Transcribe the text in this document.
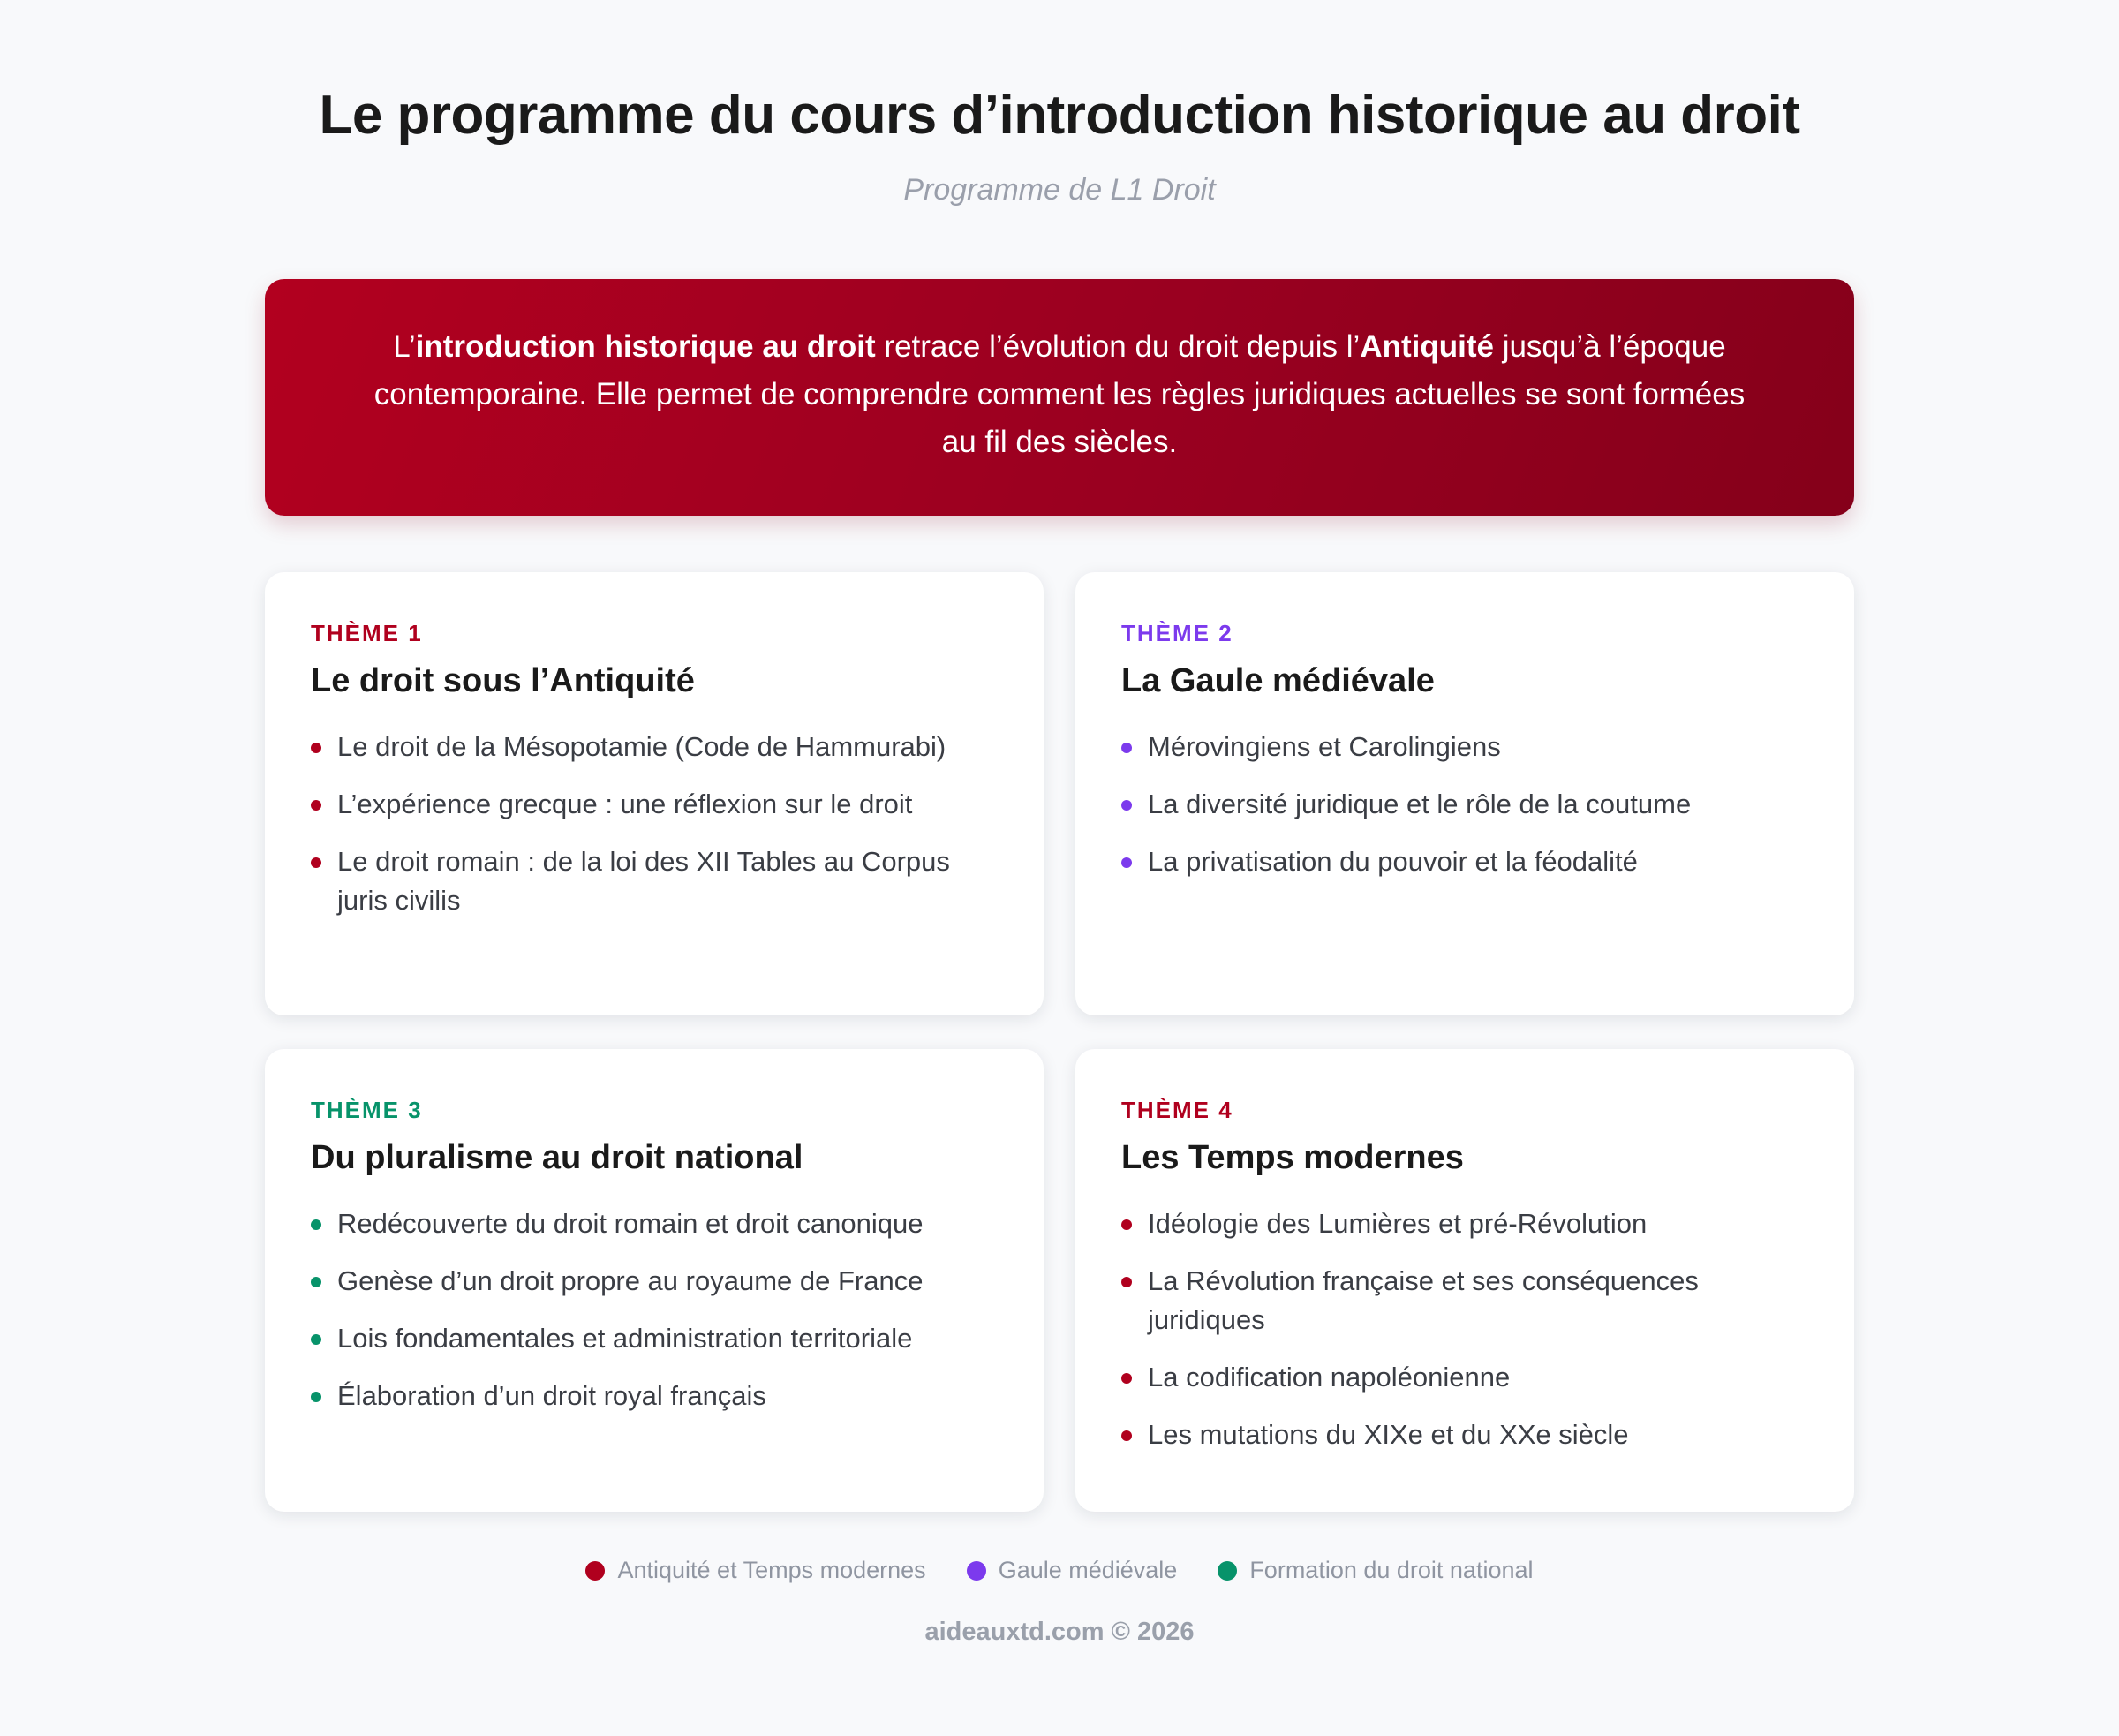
Le programme du cours d’introduction historique au droit
Programme de L1 Droit
L’introduction historique au droit retrace l’évolution du droit depuis l’Antiquité jusqu’à l’époque contemporaine. Elle permet de comprendre comment les règles juridiques actuelles se sont formées au fil des siècles.
THÈME 1
Le droit sous l’Antiquité
Le droit de la Mésopotamie (Code de Hammurabi)
L’expérience grecque : une réflexion sur le droit
Le droit romain : de la loi des XII Tables au Corpus juris civilis
THÈME 2
La Gaule médiévale
Mérovingiens et Carolingiens
La diversité juridique et le rôle de la coutume
La privatisation du pouvoir et la féodalité
THÈME 3
Du pluralisme au droit national
Redécouverte du droit romain et droit canonique
Genèse d’un droit propre au royaume de France
Lois fondamentales et administration territoriale
Élaboration d’un droit royal français
THÈME 4
Les Temps modernes
Idéologie des Lumières et pré-Révolution
La Révolution française et ses conséquences juridiques
La codification napoléonienne
Les mutations du XIXe et du XXe siècle
Antiquité et Temps modernes	Gaule médiévale	Formation du droit national
aideauxtd.com © 2026
